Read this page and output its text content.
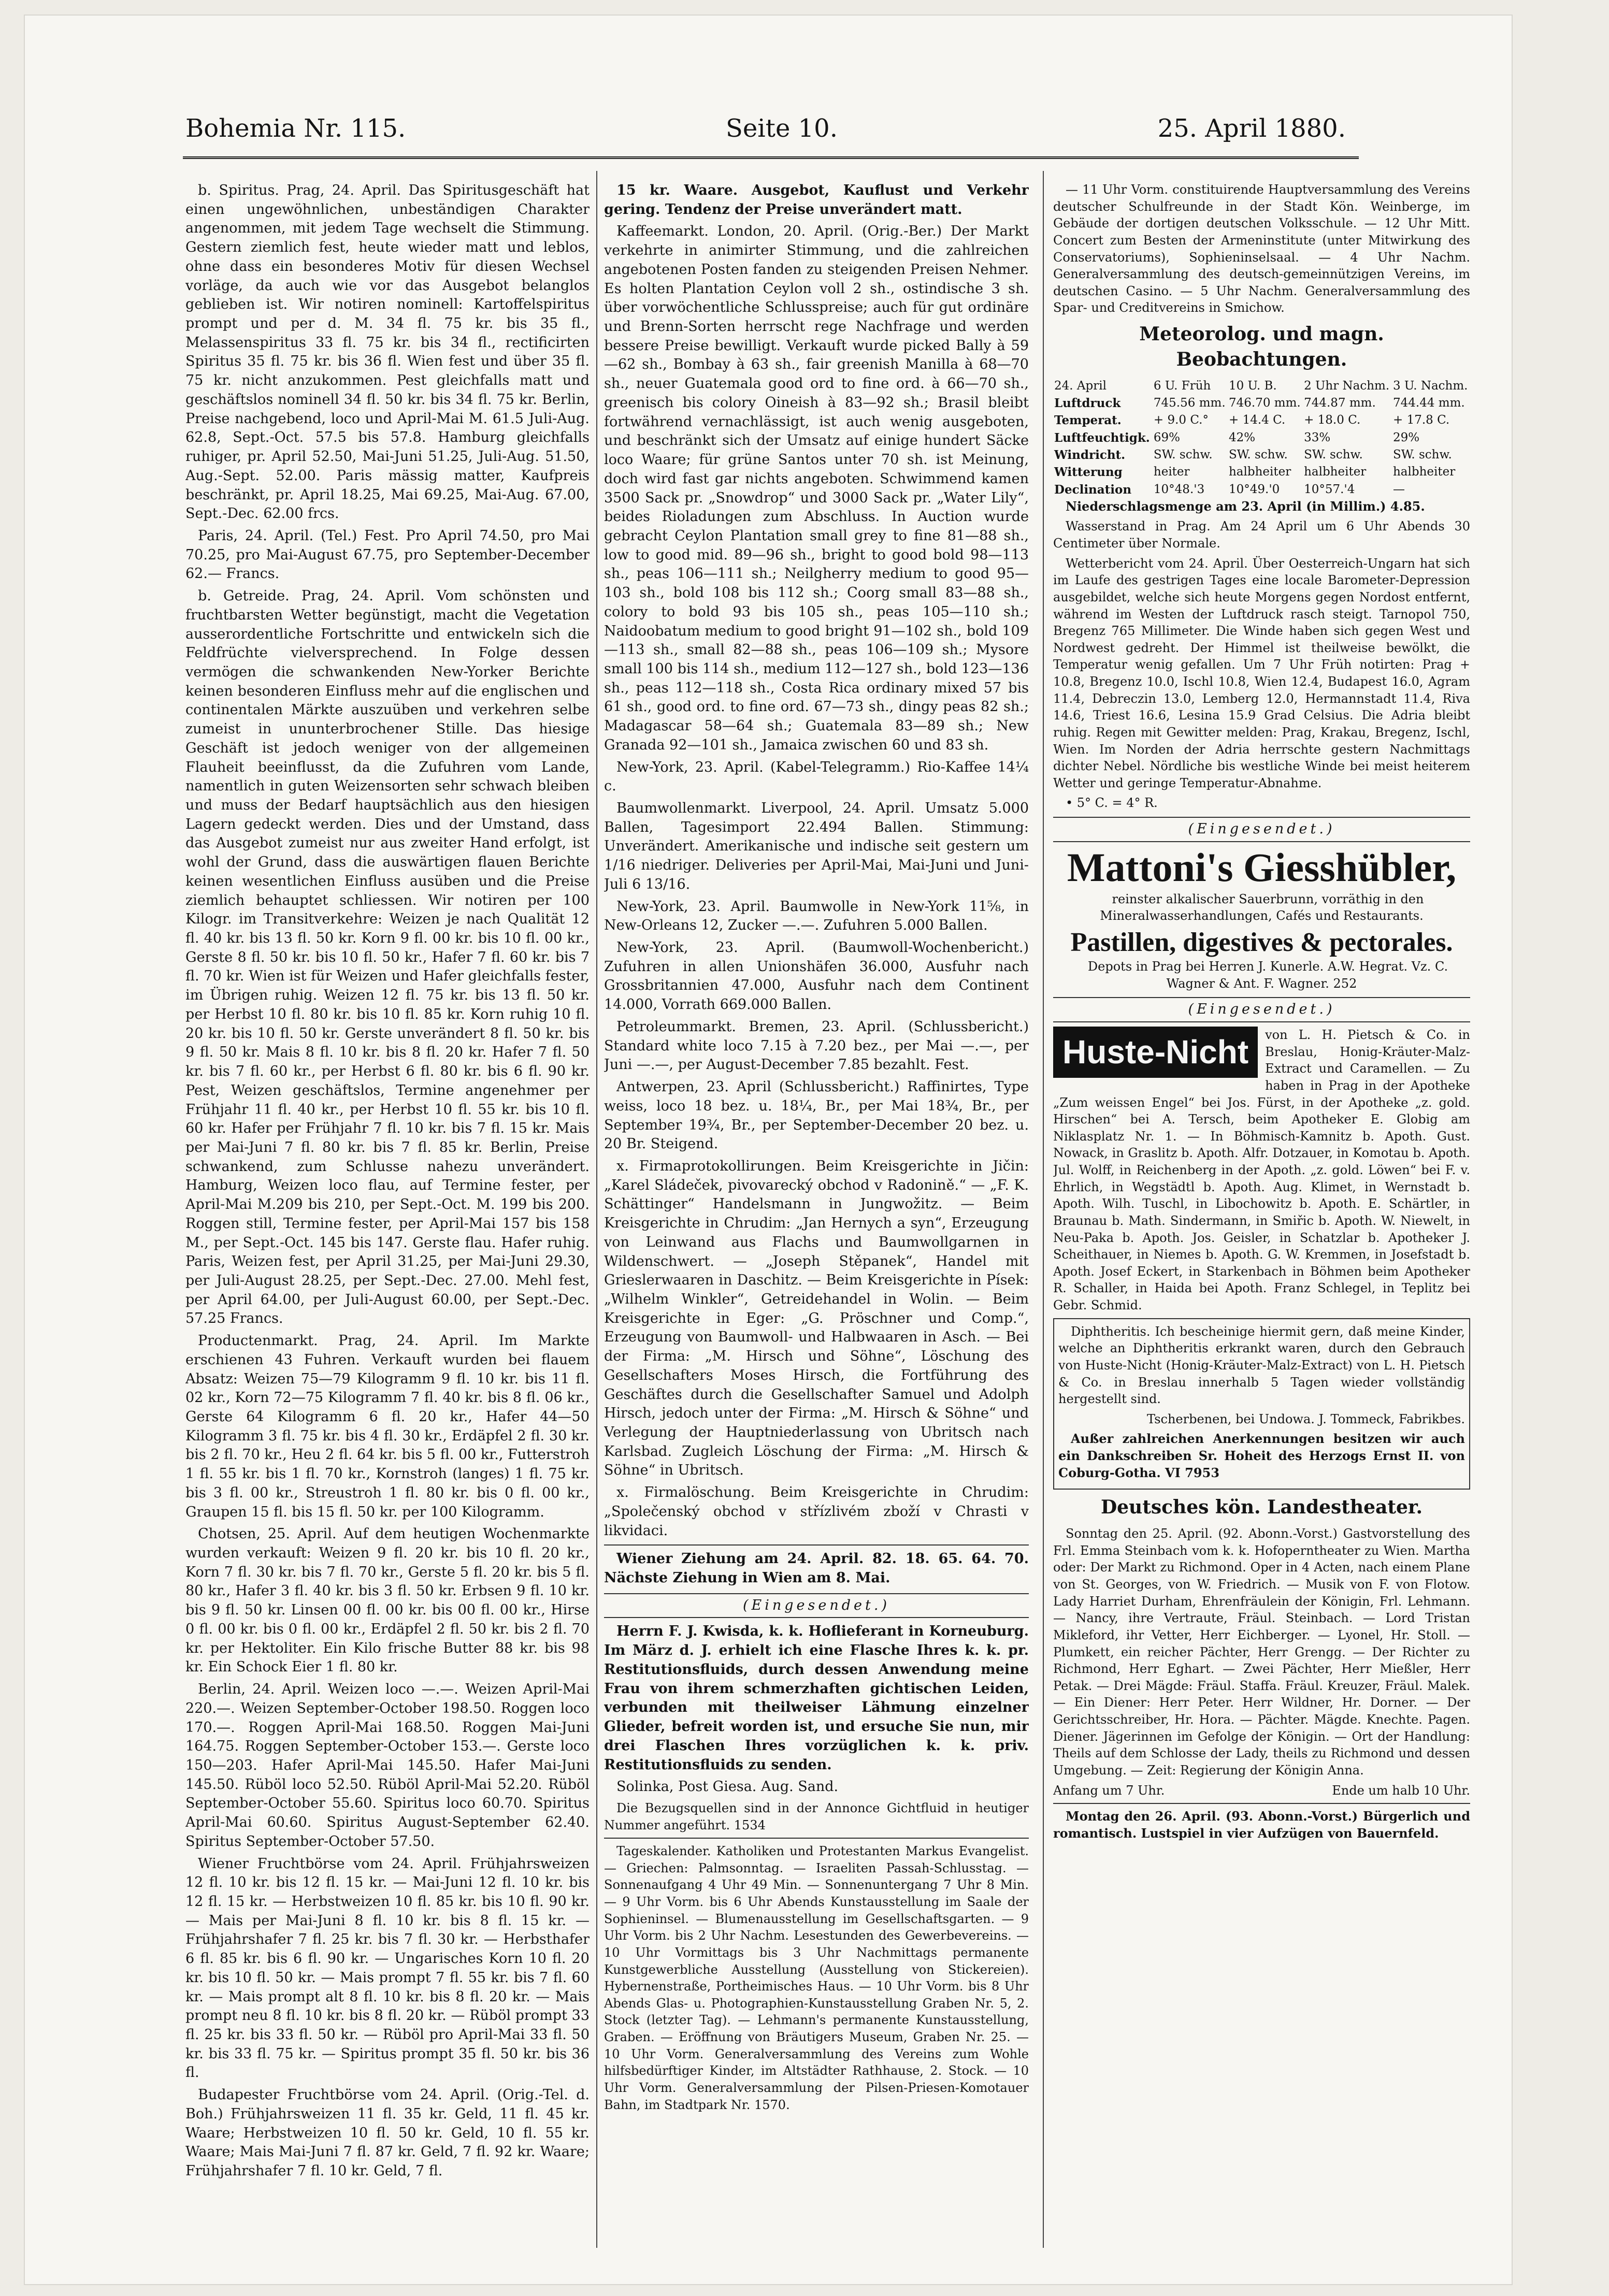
Bohemia Nr. 115.	Seite 10.	25. April 1880.

b. Spiritus. Prag, 24. April. Das Spiritusgeschäft hat einen ungewöhnlichen, unbeständigen Charakter angenommen, mit jedem Tage wechselt die Stimmung. Gestern ziemlich fest, heute wieder matt und leblos, ohne dass ein besonderes Motiv für diesen Wechsel vorläge, da auch wie vor das Ausgebot belanglos geblieben ist. Wir notiren nominell: Kartoffelspiritus prompt und per d. M. 34 fl. 75 kr. bis 35 fl., Melassenspiritus 33 fl. 75 kr. bis 34 fl., rectificirten Spiritus 35 fl. 75 kr. bis 36 fl. Wien fest und über 35 fl. 75 kr. nicht anzukommen. Pest gleichfalls matt und geschäftslos nominell 34 fl. 50 kr. bis 34 fl. 75 kr. Berlin, Preise nachgebend, loco und April-Mai M. 61.5 Juli-Aug. 62.8, Sept.-Oct. 57.5 bis 57.8. Hamburg gleichfalls ruhiger, pr. April 52.50, Mai-Juni 51.25, Juli-Aug. 51.50, Aug.-Sept. 52.00. Paris mässig matter, Kaufpreis beschränkt, pr. April 18.25, Mai 69.25, Mai-Aug. 67.00, Sept.-Dec. 62.00 frcs.

Paris, 24. April. (Tel.) Fest. Pro April 74.50, pro Mai 70.25, pro Mai-August 67.75, pro September-December 62.— Francs.

b. Getreide. Prag, 24. April. Vom schönsten und fruchtbarsten Wetter begünstigt, macht die Vegetation ausserordentliche Fortschritte und entwickeln sich die Feldfrüchte vielversprechend. In Folge dessen vermögen die schwankenden New-Yorker Berichte keinen besonderen Einfluss mehr auf die englischen und continentalen Märkte auszuüben und verkehren selbe zumeist in ununterbrochener Stille. Das hiesige Geschäft ist jedoch weniger von der allgemeinen Flauheit beeinflusst, da die Zufuhren vom Lande, namentlich in guten Weizensorten sehr schwach bleiben und muss der Bedarf hauptsächlich aus den hiesigen Lagern gedeckt werden. Dies und der Umstand, dass das Ausgebot zumeist nur aus zweiter Hand erfolgt, ist wohl der Grund, dass die auswärtigen flauen Berichte keinen wesentlichen Einfluss ausüben und die Preise ziemlich behauptet schliessen. Wir notiren per 100 Kilogr. im Transitverkehre: Weizen je nach Qualität 12 fl. 40 kr. bis 13 fl. 50 kr. Korn 9 fl. 00 kr. bis 10 fl. 00 kr., Gerste 8 fl. 50 kr. bis 10 fl. 50 kr., Hafer 7 fl. 60 kr. bis 7 fl. 70 kr. Wien ist für Weizen und Hafer gleichfalls fester, im Übrigen ruhig. Weizen 12 fl. 75 kr. bis 13 fl. 50 kr. per Herbst 10 fl. 80 kr. bis 10 fl. 85 kr. Korn ruhig 10 fl. 20 kr. bis 10 fl. 50 kr. Gerste unverändert 8 fl. 50 kr. bis 9 fl. 50 kr. Mais 8 fl. 10 kr. bis 8 fl. 20 kr. Hafer 7 fl. 50 kr. bis 7 fl. 60 kr., per Herbst 6 fl. 80 kr. bis 6 fl. 90 kr. Pest, Weizen geschäftslos, Termine angenehmer per Frühjahr 11 fl. 40 kr., per Herbst 10 fl. 55 kr. bis 10 fl. 60 kr. Hafer per Frühjahr 7 fl. 10 kr. bis 7 fl. 15 kr. Mais per Mai-Juni 7 fl. 80 kr. bis 7 fl. 85 kr. Berlin, Preise schwankend, zum Schlusse nahezu unverändert. Hamburg, Weizen loco flau, auf Termine fester, per April-Mai M.209 bis 210, per Sept.-Oct. M. 199 bis 200. Roggen still, Termine fester, per April-Mai 157 bis 158 M., per Sept.-Oct. 145 bis 147. Gerste flau. Hafer ruhig. Paris, Weizen fest, per April 31.25, per Mai-Juni 29.30, per Juli-August 28.25, per Sept.-Dec. 27.00. Mehl fest, per April 64.00, per Juli-August 60.00, per Sept.-Dec. 57.25 Francs.

Productenmarkt. Prag, 24. April. Im Markte erschienen 43 Fuhren. Verkauft wurden bei flauem Absatz: Weizen 75—79 Kilogramm 9 fl. 10 kr. bis 11 fl. 02 kr., Korn 72—75 Kilogramm 7 fl. 40 kr. bis 8 fl. 06 kr., Gerste 64 Kilogramm 6 fl. 20 kr., Hafer 44—50 Kilogramm 3 fl. 75 kr. bis 4 fl. 30 kr., Erdäpfel 2 fl. 30 kr. bis 2 fl. 70 kr., Heu 2 fl. 64 kr. bis 5 fl. 00 kr., Futterstroh 1 fl. 55 kr. bis 1 fl. 70 kr., Kornstroh (langes) 1 fl. 75 kr. bis 3 fl. 00 kr., Streustroh 1 fl. 80 kr. bis 0 fl. 00 kr., Graupen 15 fl. bis 15 fl. 50 kr. per 100 Kilogramm.

Chotsen, 25. April. Auf dem heutigen Wochenmarkte wurden verkauft: Weizen 9 fl. 20 kr. bis 10 fl. 20 kr., Korn 7 fl. 30 kr. bis 7 fl. 70 kr., Gerste 5 fl. 20 kr. bis 5 fl. 80 kr., Hafer 3 fl. 40 kr. bis 3 fl. 50 kr. Erbsen 9 fl. 10 kr. bis 9 fl. 50 kr. Linsen 00 fl. 00 kr. bis 00 fl. 00 kr., Hirse 0 fl. 00 kr. bis 0 fl. 00 kr., Erdäpfel 2 fl. 50 kr. bis 2 fl. 70 kr. per Hektoliter. Ein Kilo frische Butter 88 kr. bis 98 kr. Ein Schock Eier 1 fl. 80 kr.

Berlin, 24. April. Weizen loco —.—. Weizen April-Mai 220.—. Weizen September-October 198.50. Roggen loco 170.—. Roggen April-Mai 168.50. Roggen Mai-Juni 164.75. Roggen September-October 153.—. Gerste loco 150—203. Hafer April-Mai 145.50. Hafer Mai-Juni 145.50. Rüböl loco 52.50. Rüböl April-Mai 52.20. Rüböl September-October 55.60. Spiritus loco 60.70. Spiritus April-Mai 60.60. Spiritus August-September 62.40. Spiritus September-October 57.50.

Wiener Fruchtbörse vom 24. April. Frühjahrsweizen 12 fl. 10 kr. bis 12 fl. 15 kr. — Mai-Juni 12 fl. 10 kr. bis 12 fl. 15 kr. — Herbstweizen 10 fl. 85 kr. bis 10 fl. 90 kr. — Mais per Mai-Juni 8 fl. 10 kr. bis 8 fl. 15 kr. — Frühjahrshafer 7 fl. 25 kr. bis 7 fl. 30 kr. — Herbsthafer 6 fl. 85 kr. bis 6 fl. 90 kr. — Ungarisches Korn 10 fl. 20 kr. bis 10 fl. 50 kr. — Mais prompt 7 fl. 55 kr. bis 7 fl. 60 kr. — Mais prompt alt 8 fl. 10 kr. bis 8 fl. 20 kr. — Mais prompt neu 8 fl. 10 kr. bis 8 fl. 20 kr. — Rüböl prompt 33 fl. 25 kr. bis 33 fl. 50 kr. — Rüböl pro April-Mai 33 fl. 50 kr. bis 33 fl. 75 kr. — Spiritus prompt 35 fl. 50 kr. bis 36 fl.

Budapester Fruchtbörse vom 24. April. (Orig.-Tel. d. Boh.) Frühjahrsweizen 11 fl. 35 kr. Geld, 11 fl. 45 kr. Waare; Herbstweizen 10 fl. 50 kr. Geld, 10 fl. 55 kr. Waare; Mais Mai-Juni 7 fl. 87 kr. Geld, 7 fl. 92 kr. Waare; Frühjahrshafer 7 fl. 10 kr. Geld, 7 fl.

15 kr. Waare. Ausgebot, Kauflust und Verkehr gering. Tendenz der Preise unverändert matt.

Kaffeemarkt. London, 20. April. (Orig.-Ber.) Der Markt verkehrte in animirter Stimmung, und die zahlreichen angebotenen Posten fanden zu steigenden Preisen Nehmer. Es holten Plantation Ceylon voll 2 sh., ostindische 3 sh. über vorwöchentliche Schlusspreise; auch für gut ordinäre und Brenn-Sorten herrscht rege Nachfrage und werden bessere Preise bewilligt. Verkauft wurde picked Bally à 59—62 sh., Bombay à 63 sh., fair greenish Manilla à 68—70 sh., neuer Guatemala good ord to fine ord. à 66—70 sh., greenisch bis colory Oineish à 83—92 sh.; Brasil bleibt fortwährend vernachlässigt, ist auch wenig ausgeboten, und beschränkt sich der Umsatz auf einige hundert Säcke loco Waare; für grüne Santos unter 70 sh. ist Meinung, doch wird fast gar nichts angeboten. Schwimmend kamen 3500 Sack pr. „Snowdrop“ und 3000 Sack pr. „Water Lily“, beides Rioladungen zum Abschluss. In Auction wurde gebracht Ceylon Plantation small grey to fine 81—88 sh., low to good mid. 89—96 sh., bright to good bold 98—113 sh., peas 106—111 sh.; Neilgherry medium to good 95—103 sh., bold 108 bis 112 sh.; Coorg small 83—88 sh., colory to bold 93 bis 105 sh., peas 105—110 sh.; Naidoobatum medium to good bright 91—102 sh., bold 109—113 sh., small 82—88 sh., peas 106—109 sh.; Mysore small 100 bis 114 sh., medium 112—127 sh., bold 123—136 sh., peas 112—118 sh., Costa Rica ordinary mixed 57 bis 61 sh., good ord. to fine ord. 67—73 sh., dingy peas 82 sh.; Madagascar 58—64 sh.; Guatemala 83—89 sh.; New Granada 92—101 sh., Jamaica zwischen 60 und 83 sh.

New-York, 23. April. (Kabel-Telegramm.) Rio-Kaffee 14¼ c.

Baumwollenmarkt. Liverpool, 24. April. Umsatz 5.000 Ballen, Tagesimport 22.494 Ballen. Stimmung: Unverändert. Amerikanische und indische seit gestern um 1/16 niedriger. Deliveries per April-Mai, Mai-Juni und Juni-Juli 6 13/16.

New-York, 23. April. Baumwolle in New-York 11⅝, in New-Orleans 12, Zucker —.—. Zufuhren 5.000 Ballen.

New-York, 23. April. (Baumwoll-Wochenbericht.) Zufuhren in allen Unionshäfen 36.000, Ausfuhr nach Grossbritannien 47.000, Ausfuhr nach dem Continent 14.000, Vorrath 669.000 Ballen.

Petroleummarkt. Bremen, 23. April. (Schlussbericht.) Standard white loco 7.15 à 7.20 bez., per Mai —.—, per Juni —.—, per August-December 7.85 bezahlt. Fest.

Antwerpen, 23. April (Schlussbericht.) Raffinirtes, Type weiss, loco 18 bez. u. 18¼, Br., per Mai 18¾, Br., per September 19¾, Br., per September-December 20 bez. u. 20 Br. Steigend.

x. Firmaprotokollirungen. Beim Kreisgerichte in Jičin: „Karel Sládeček, pivovarecký obchod v Radonině.“ — „F. K. Schättinger“ Handelsmann in Jungwožitz. — Beim Kreisgerichte in Chrudim: „Jan Hernych a syn“, Erzeugung von Leinwand aus Flachs und Baumwollgarnen in Wildenschwert. — „Joseph Stěpanek“, Handel mit Grieslerwaaren in Daschitz. — Beim Kreisgerichte in Písek: „Wilhelm Winkler“, Getreidehandel in Wolin. — Beim Kreisgerichte in Eger: „G. Pröschner und Comp.“, Erzeugung von Baumwoll- und Halbwaaren in Asch. — Bei der Firma: „M. Hirsch und Söhne“, Löschung des Gesellschafters Moses Hirsch, die Fortführung des Geschäftes durch die Gesellschafter Samuel und Adolph Hirsch, jedoch unter der Firma: „M. Hirsch & Söhne“ und Verlegung der Hauptniederlassung von Ubritsch nach Karlsbad. Zugleich Löschung der Firma: „M. Hirsch & Söhne“ in Ubritsch.

x. Firmalöschung. Beim Kreisgerichte in Chrudim: „Společenský obchod v střízlivém zboží v Chrasti v likvidaci.

Wiener Ziehung am 24. April. 82. 18. 65. 64. 70. Nächste Ziehung in Wien am 8. Mai.

(Eingesendet.)

Herrn F. J. Kwisda, k. k. Hoflieferant in Korneuburg. Im März d. J. erhielt ich eine Flasche Ihres k. k. pr. Restitutionsfluids, durch dessen Anwendung meine Frau von ihrem schmerzhaften gichtischen Leiden, verbunden mit theilweiser Lähmung einzelner Glieder, befreit worden ist, und ersuche Sie nun, mir drei Flaschen Ihres vorzüglichen k. k. priv. Restitutionsfluids zu senden.

Solinka, Post Giesa. Aug. Sand.

Die Bezugsquellen sind in der Annonce Gichtfluid in heutiger Nummer angeführt. 1534

Tageskalender. Katholiken und Protestanten Markus Evangelist. — Griechen: Palmsonntag. — Israeliten Passah-Schlusstag. — Sonnenaufgang 4 Uhr 49 Min. — Sonnenuntergang 7 Uhr 8 Min. — 9 Uhr Vorm. bis 6 Uhr Abends Kunstausstellung im Saale der Sophieninsel. — Blumenausstellung im Gesellschaftsgarten. — 9 Uhr Vorm. bis 2 Uhr Nachm. Lesestunden des Gewerbevereins. — 10 Uhr Vormittags bis 3 Uhr Nachmittags permanente Kunstgewerbliche Ausstellung (Ausstellung von Stickereien). Hybernenstraße, Portheimisches Haus. — 10 Uhr Vorm. bis 8 Uhr Abends Glas- u. Photographien-Kunstausstellung Graben Nr. 5, 2. Stock (letzter Tag). — Lehmann's permanente Kunstausstellung, Graben. — Eröffnung von Bräutigers Museum, Graben Nr. 25. — 10 Uhr Vorm. Generalversammlung des Vereins zum Wohle hilfsbedürftiger Kinder, im Altstädter Rathhause, 2. Stock. — 10 Uhr Vorm. Generalversammlung der Pilsen-Priesen-Komotauer Bahn, im Stadtpark Nr. 1570.

— 11 Uhr Vorm. constituirende Hauptversammlung des Vereins deutscher Schulfreunde in der Stadt Kön. Weinberge, im Gebäude der dortigen deutschen Volksschule. — 12 Uhr Mitt. Concert zum Besten der Armeninstitute (unter Mitwirkung des Conservatoriums), Sophieninselsaal. — 4 Uhr Nachm. Generalversammlung des deutsch-gemeinnützigen Vereins, im deutschen Casino. — 5 Uhr Nachm. Generalversammlung des Spar- und Creditvereins in Smichow.

Meteorolog. und magn. Beobachtungen.
24. April	6 U. Früh	10 U. B.	2 Uhr Nachm.	3 U. Nachm.
Luftdruck	745.56 mm.	746.70 mm.	744.87 mm.	744.44 mm.
Temperat.	+ 9.0 C.°	+ 14.4 C.	+ 18.0 C.	+ 17.8 C.
Luftfeuchtigk.	69%	42%	33%	29%
Windricht.	SW. schw.	SW. schw.	SW. schw.	SW. schw.
Witterung	heiter	halbheiter	halbheiter	halbheiter
Declination	10°48.'3	10°49.'0	10°57.'4	—

Niederschlagsmenge am 23. April (in Millim.) 4.85.

Wasserstand in Prag. Am 24 April um 6 Uhr Abends 30 Centimeter über Normale.

Wetterbericht vom 24. April. Über Oesterreich-Ungarn hat sich im Laufe des gestrigen Tages eine locale Barometer-Depression ausgebildet, welche sich heute Morgens gegen Nordost entfernt, während im Westen der Luftdruck rasch steigt. Tarnopol 750, Bregenz 765 Millimeter. Die Winde haben sich gegen West und Nordwest gedreht. Der Himmel ist theilweise bewölkt, die Temperatur wenig gefallen. Um 7 Uhr Früh notirten: Prag + 10.8, Bregenz 10.0, Ischl 10.8, Wien 12.4, Budapest 16.0, Agram 11.4, Debreczin 13.0, Lemberg 12.0, Hermannstadt 11.4, Riva 14.6, Triest 16.6, Lesina 15.9 Grad Celsius. Die Adria bleibt ruhig. Regen mit Gewitter melden: Prag, Krakau, Bregenz, Ischl, Wien. Im Norden der Adria herrschte gestern Nachmittags dichter Nebel. Nördliche bis westliche Winde bei meist heiterem Wetter und geringe Temperatur-Abnahme.

• 5° C. = 4° R.

(Eingesendet.)
Mattoni's Giesshübler,

reinster alkalischer Sauerbrunn, vorräthig in den Mineralwasserhandlungen, Cafés und Restaurants.

Pastillen, digestives & pectorales.

Depots in Prag bei Herren J. Kunerle. A.W. Hegrat. Vz. C. Wagner & Ant. F. Wagner. 252

(Eingesendet.)
Huste-Nicht	von L. H. Pietsch & Co. in Breslau, Honig-Kräuter-Malz-Extract und Caramellen. — Zu haben in Prag in der Apotheke „Zum weissen Engel“ bei Jos. Fürst, in der Apotheke „z. gold. Hirschen“ bei A. Tersch, beim Apotheker E. Globig am Niklasplatz Nr. 1. — In Böhmisch-Kamnitz b. Apoth. Gust. Nowack, in Graslitz b. Apoth. Alfr. Dotzauer, in Komotau b. Apoth. Jul. Wolff, in Reichenberg in der Apoth. „z. gold. Löwen“ bei F. v. Ehrlich, in Wegstädtl b. Apoth. Aug. Klimet, in Wernstadt b. Apoth. Wilh. Tuschl, in Libochowitz b. Apoth. E. Schärtler, in Braunau b. Math. Sindermann, in Smiřic b. Apoth. W. Niewelt, in Neu-Paka b. Apoth. Jos. Geisler, in Schatzlar b. Apotheker J. Scheithauer, in Niemes b. Apoth. G. W. Kremmen, in Josefstadt b. Apoth. Josef Eckert, in Starkenbach in Böhmen beim Apotheker R. Schaller, in Haida bei Apoth. Franz Schlegel, in Teplitz bei Gebr. Schmid.

Diphtheritis. Ich bescheinige hiermit gern, daß meine Kinder, welche an Diphtheritis erkrankt waren, durch den Gebrauch von Huste-Nicht (Honig-Kräuter-Malz-Extract) von L. H. Pietsch & Co. in Breslau innerhalb 5 Tagen wieder vollständig hergestellt sind.

Tscherbenen, bei Undowa. J. Tommeck, Fabrikbes.

Außer zahlreichen Anerkennungen besitzen wir auch ein Dankschreiben Sr. Hoheit des Herzogs Ernst II. von Coburg-Gotha. VI 7953

Deutsches kön. Landestheater.

Sonntag den 25. April. (92. Abonn.-Vorst.) Gastvorstellung des Frl. Emma Steinbach vom k. k. Hofoperntheater zu Wien. Martha oder: Der Markt zu Richmond. Oper in 4 Acten, nach einem Plane von St. Georges, von W. Friedrich. — Musik von F. von Flotow. Lady Harriet Durham, Ehrenfräulein der Königin, Frl. Lehmann. — Nancy, ihre Vertraute, Fräul. Steinbach. — Lord Tristan Mikleford, ihr Vetter, Herr Eichberger. — Lyonel, Hr. Stoll. — Plumkett, ein reicher Pächter, Herr Grengg. — Der Richter zu Richmond, Herr Eghart. — Zwei Pächter, Herr Mießler, Herr Petak. — Drei Mägde: Fräul. Staffa. Fräul. Kreuzer, Fräul. Malek. — Ein Diener: Herr Peter. Herr Wildner, Hr. Dorner. — Der Gerichtsschreiber, Hr. Hora. — Pächter. Mägde. Knechte. Pagen. Diener. Jägerinnen im Gefolge der Königin. — Ort der Handlung: Theils auf dem Schlosse der Lady, theils zu Richmond und dessen Umgebung. — Zeit: Regierung der Königin Anna.

Anfang um 7 Uhr.	Ende um halb 10 Uhr.

Montag den 26. April. (93. Abonn.-Vorst.) Bürgerlich und romantisch. Lustspiel in vier Aufzügen von Bauernfeld.
